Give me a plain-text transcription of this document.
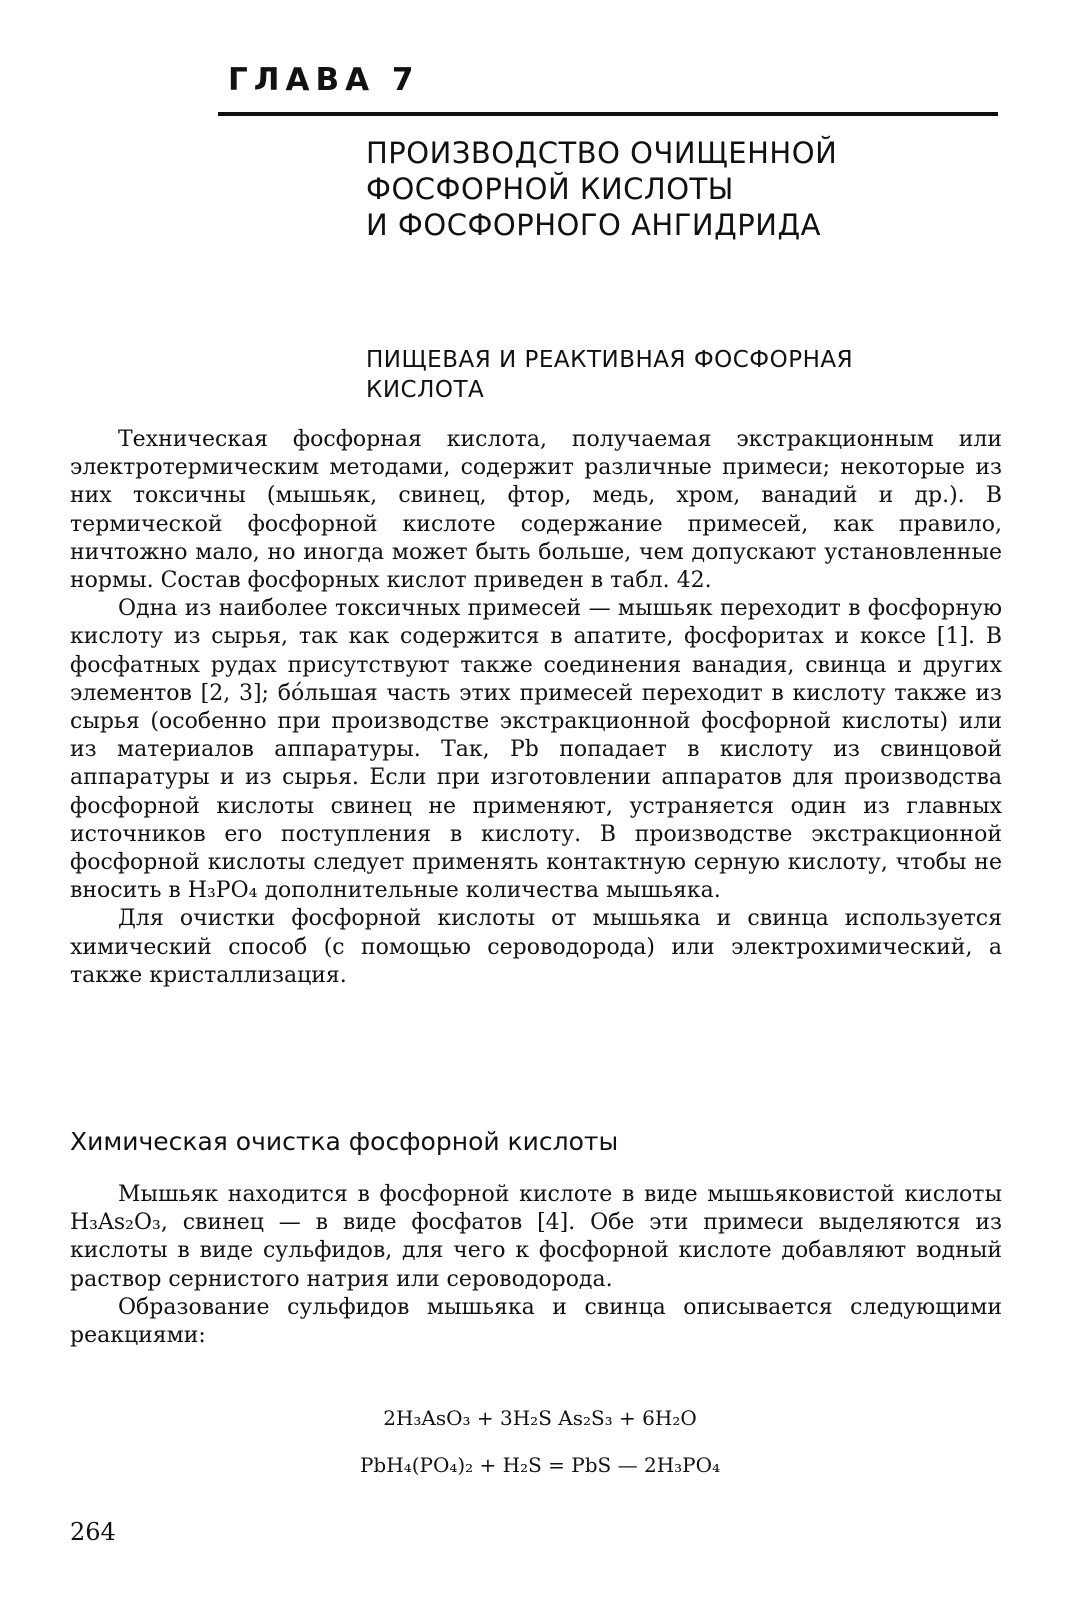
ГЛАВА 7
ПРОИЗВОДСТВО ОЧИЩЕННОЙ
ФОСФОРНОЙ КИСЛОТЫ
И ФОСФОРНОГО АНГИДРИДА
ПИЩЕВАЯ И РЕАКТИВНАЯ ФОСФОРНАЯ
КИСЛОТА

Техническая фосфорная кислота, получаемая экстракционным или электротермическим методами, содержит различные примеси; некоторые из них токсичны (мышьяк, свинец, фтор, медь, хром, ванадий и др.). В термической фосфорной кислоте содержание примесей, как правило, ничтожно мало, но иногда может быть больше, чем допускают установленные нормы. Состав фосфорных кислот приведен в табл. 42.

Одна из наиболее токсичных примесей — мышьяк переходит в фосфорную кислоту из сырья, так как содержится в апатите, фосфоритах и коксе [1]. В фосфатных рудах присутствуют также соединения ванадия, свинца и других элементов [2, 3]; бо́льшая часть этих примесей переходит в кислоту также из сырья (особенно при производстве экстракционной фосфорной кислоты) или из материалов аппаратуры. Так, Pb попадает в кислоту из свинцовой аппаратуры и из сырья. Если при изготовлении аппаратов для производства фосфорной кислоты свинец не применяют, устраняется один из главных источников его поступления в кислоту. В производстве экстракционной фосфорной кислоты следует применять контактную серную кислоту, чтобы не вносить в H₃PO₄ дополнительные количества мышьяка.

Для очистки фосфорной кислоты от мышьяка и свинца используется химический способ (с помощью сероводорода) или электрохимический, а также кристаллизация.

Химическая очистка фосфорной кислоты

Мышьяк находится в фосфорной кислоте в виде мышьяковистой кислоты H₃As₂O₃, свинец — в виде фосфатов [4]. Обе эти примеси выделяются из кислоты в виде сульфидов, для чего к фосфорной кислоте добавляют водный раствор сернистого натрия или сероводорода.

Образование сульфидов мышьяка и свинца описывается следующими реакциями:

2H₃AsO₃ + 3H₂S As₂S₃ + 6H₂O
PbH₄(PO₄)₂ + H₂S = PbS — 2H₃PO₄
264
